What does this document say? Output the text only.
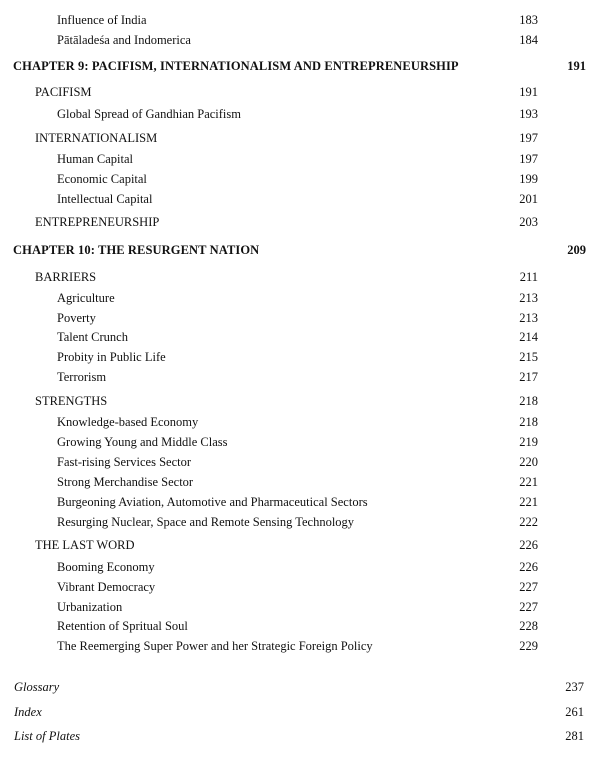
Influence of India	183
Pātāladeśa and Indomerica	184
CHAPTER 9: PACIFISM, INTERNATIONALISM AND ENTREPRENEURSHIP	191
PACIFISM	191
Global Spread of Gandhian Pacifism	193
INTERNATIONALISM	197
Human Capital	197
Economic Capital	199
Intellectual Capital	201
ENTREPRENEURSHIP	203
CHAPTER 10: THE RESURGENT NATION	209
BARRIERS	211
Agriculture	213
Poverty	213
Talent Crunch	214
Probity in Public Life	215
Terrorism	217
STRENGTHS	218
Knowledge-based Economy	218
Growing Young and Middle Class	219
Fast-rising Services Sector	220
Strong Merchandise Sector	221
Burgeoning Aviation, Automotive and Pharmaceutical Sectors	221
Resurging Nuclear, Space and Remote Sensing Technology	222
THE LAST WORD	226
Booming Economy	226
Vibrant Democracy	227
Urbanization	227
Retention of Spritual Soul	228
The Reemerging Super Power and her Strategic Foreign Policy	229
Glossary	237
Index	261
List of Plates	281
